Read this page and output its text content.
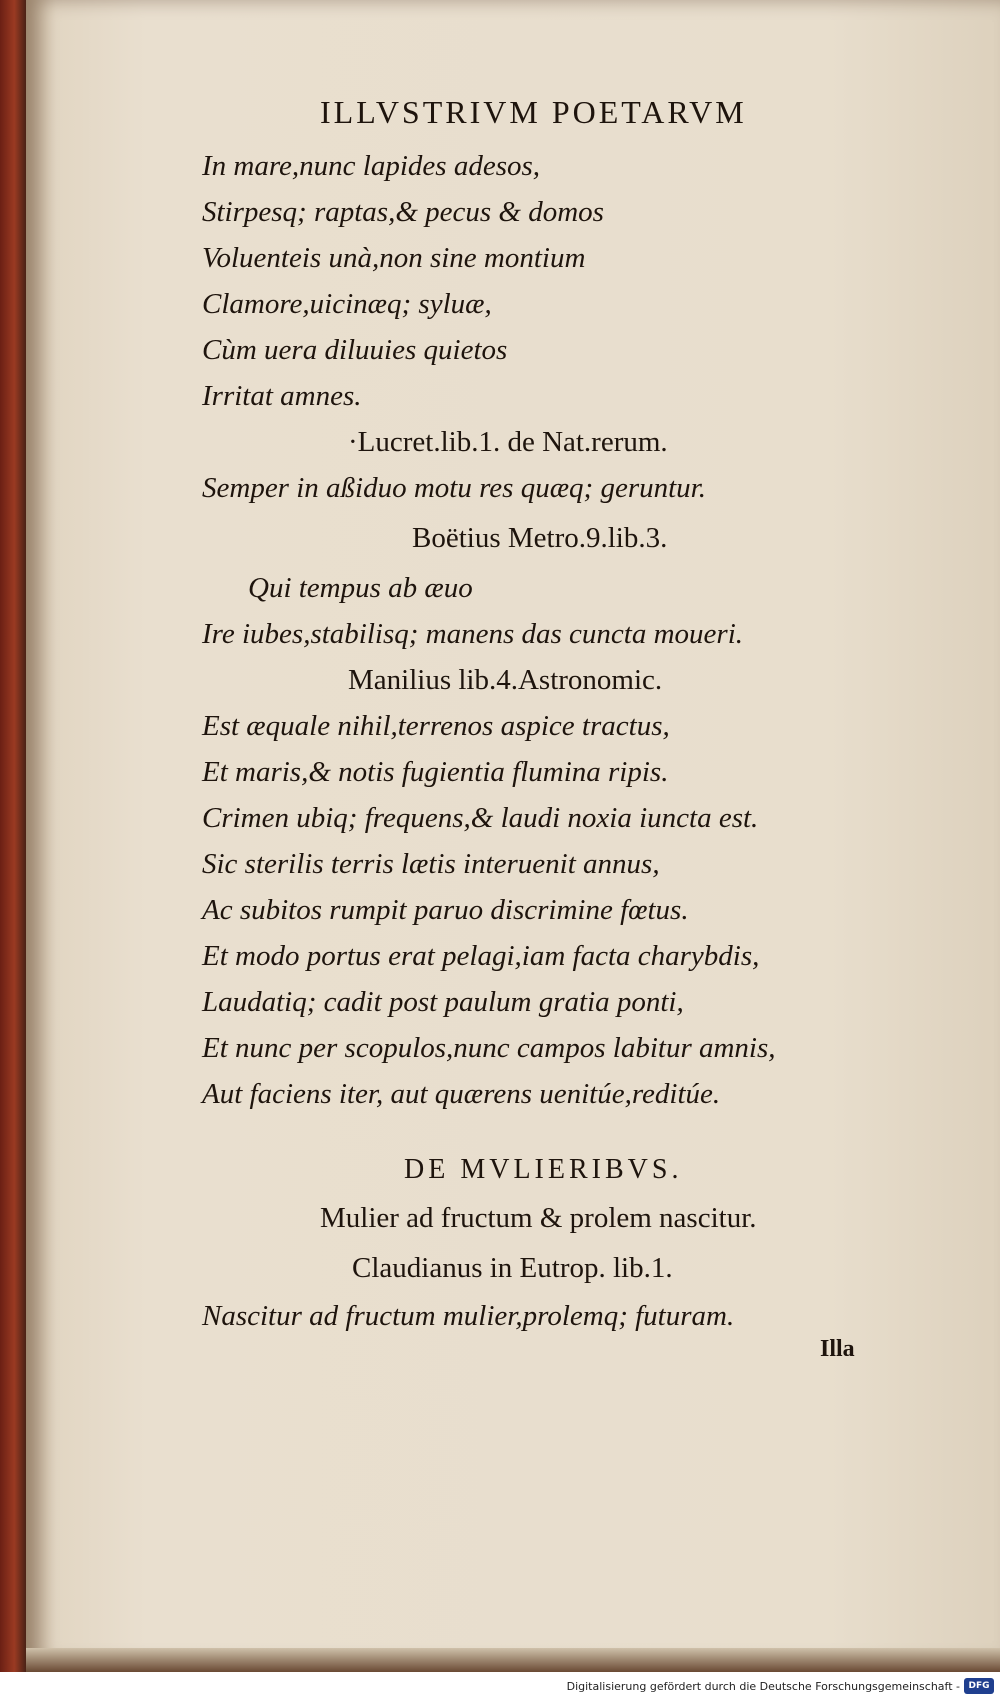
ILLVSTRIVM POETARVM
In mare,nunc lapides adesos,
Stirpesq; raptas,& pecus & domos
Voluenteis unà,non sine montium
Clamore,uicinæq; syluæ,
Cùm uera diluuies quietos
Irritat amnes.
·Lucret.lib.1. de Nat.rerum.
Semper in aßiduo motu res quæq; geruntur.
Boëtius Metro.9.lib.3.
Qui tempus ab æuo
Ire iubes,stabilisq; manens das cuncta moueri.
Manilius lib.4.Astronomic.
Est æquale nihil,terrenos aspice tractus,
Et maris,& notis fugientia flumina ripis.
Crimen ubiq; frequens,& laudi noxia iuncta est.
Sic sterilis terris lætis interuenit annus,
Ac subitos rumpit paruo discrimine fœtus.
Et modo portus erat pelagi,iam facta charybdis,
Laudatiq; cadit post paulum gratia ponti,
Et nunc per scopulos,nunc campos labitur amnis,
Aut faciens iter, aut quærens uenitúe,reditúe.
DE MVLIERIBVS.
Mulier ad fructum & prolem nascitur.
Claudianus in Eutrop. lib.1.
Nascitur ad fructum mulier,prolemq; futuram.
Illa
Digitalisierung gefördert durch die Deutsche Forschungsgemeinschaft - DFG
